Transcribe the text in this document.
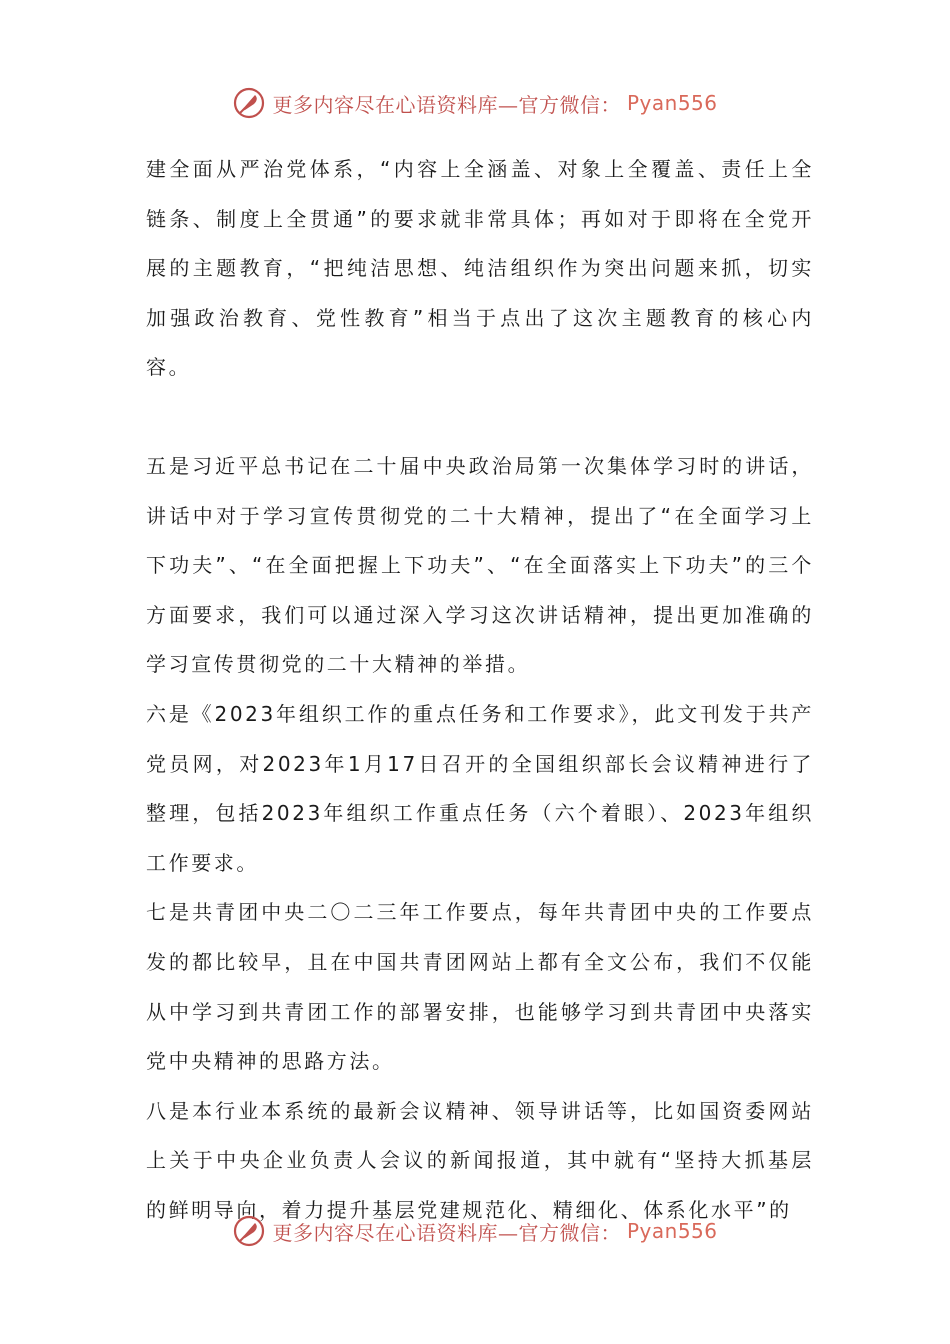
更多内容尽在心语资料库—官方微信： Pyan556

建全面从严治党体系，“内容上全涵盖、对象上全覆盖、责任上全链条、制度上全贯通”的要求就非常具体；再如对于即将在全党开展的主题教育，“把纯洁思想、纯洁组织作为突出问题来抓，切实加强政治教育、党性教育”相当于点出了这次主题教育的核心内容。

五是习近平总书记在二十届中央政治局第一次集体学习时的讲话，讲话中对于学习宣传贯彻党的二十大精神，提出了“在全面学习上下功夫”、“在全面把握上下功夫”、“在全面落实上下功夫”的三个方面要求，我们可以通过深入学习这次讲话精神，提出更加准确的学习宣传贯彻党的二十大精神的举措。

六是《2023年组织工作的重点任务和工作要求》，此文刊发于共产党员网，对2023年1月17日召开的全国组织部长会议精神进行了整理，包括2023年组织工作重点任务（六个着眼）、2023年组织工作要求。

七是共青团中央二〇二三年工作要点，每年共青团中央的工作要点发的都比较早，且在中国共青团网站上都有全文公布，我们不仅能从中学习到共青团工作的部署安排，也能够学习到共青团中央落实党中央精神的思路方法。

八是本行业本系统的最新会议精神、领导讲话等，比如国资委网站上关于中央企业负责人会议的新闻报道，其中就有“坚持大抓基层的鲜明导向，着力提升基层党建规范化、精细化、体系化水平”的

更多内容尽在心语资料库—官方微信： Pyan556
